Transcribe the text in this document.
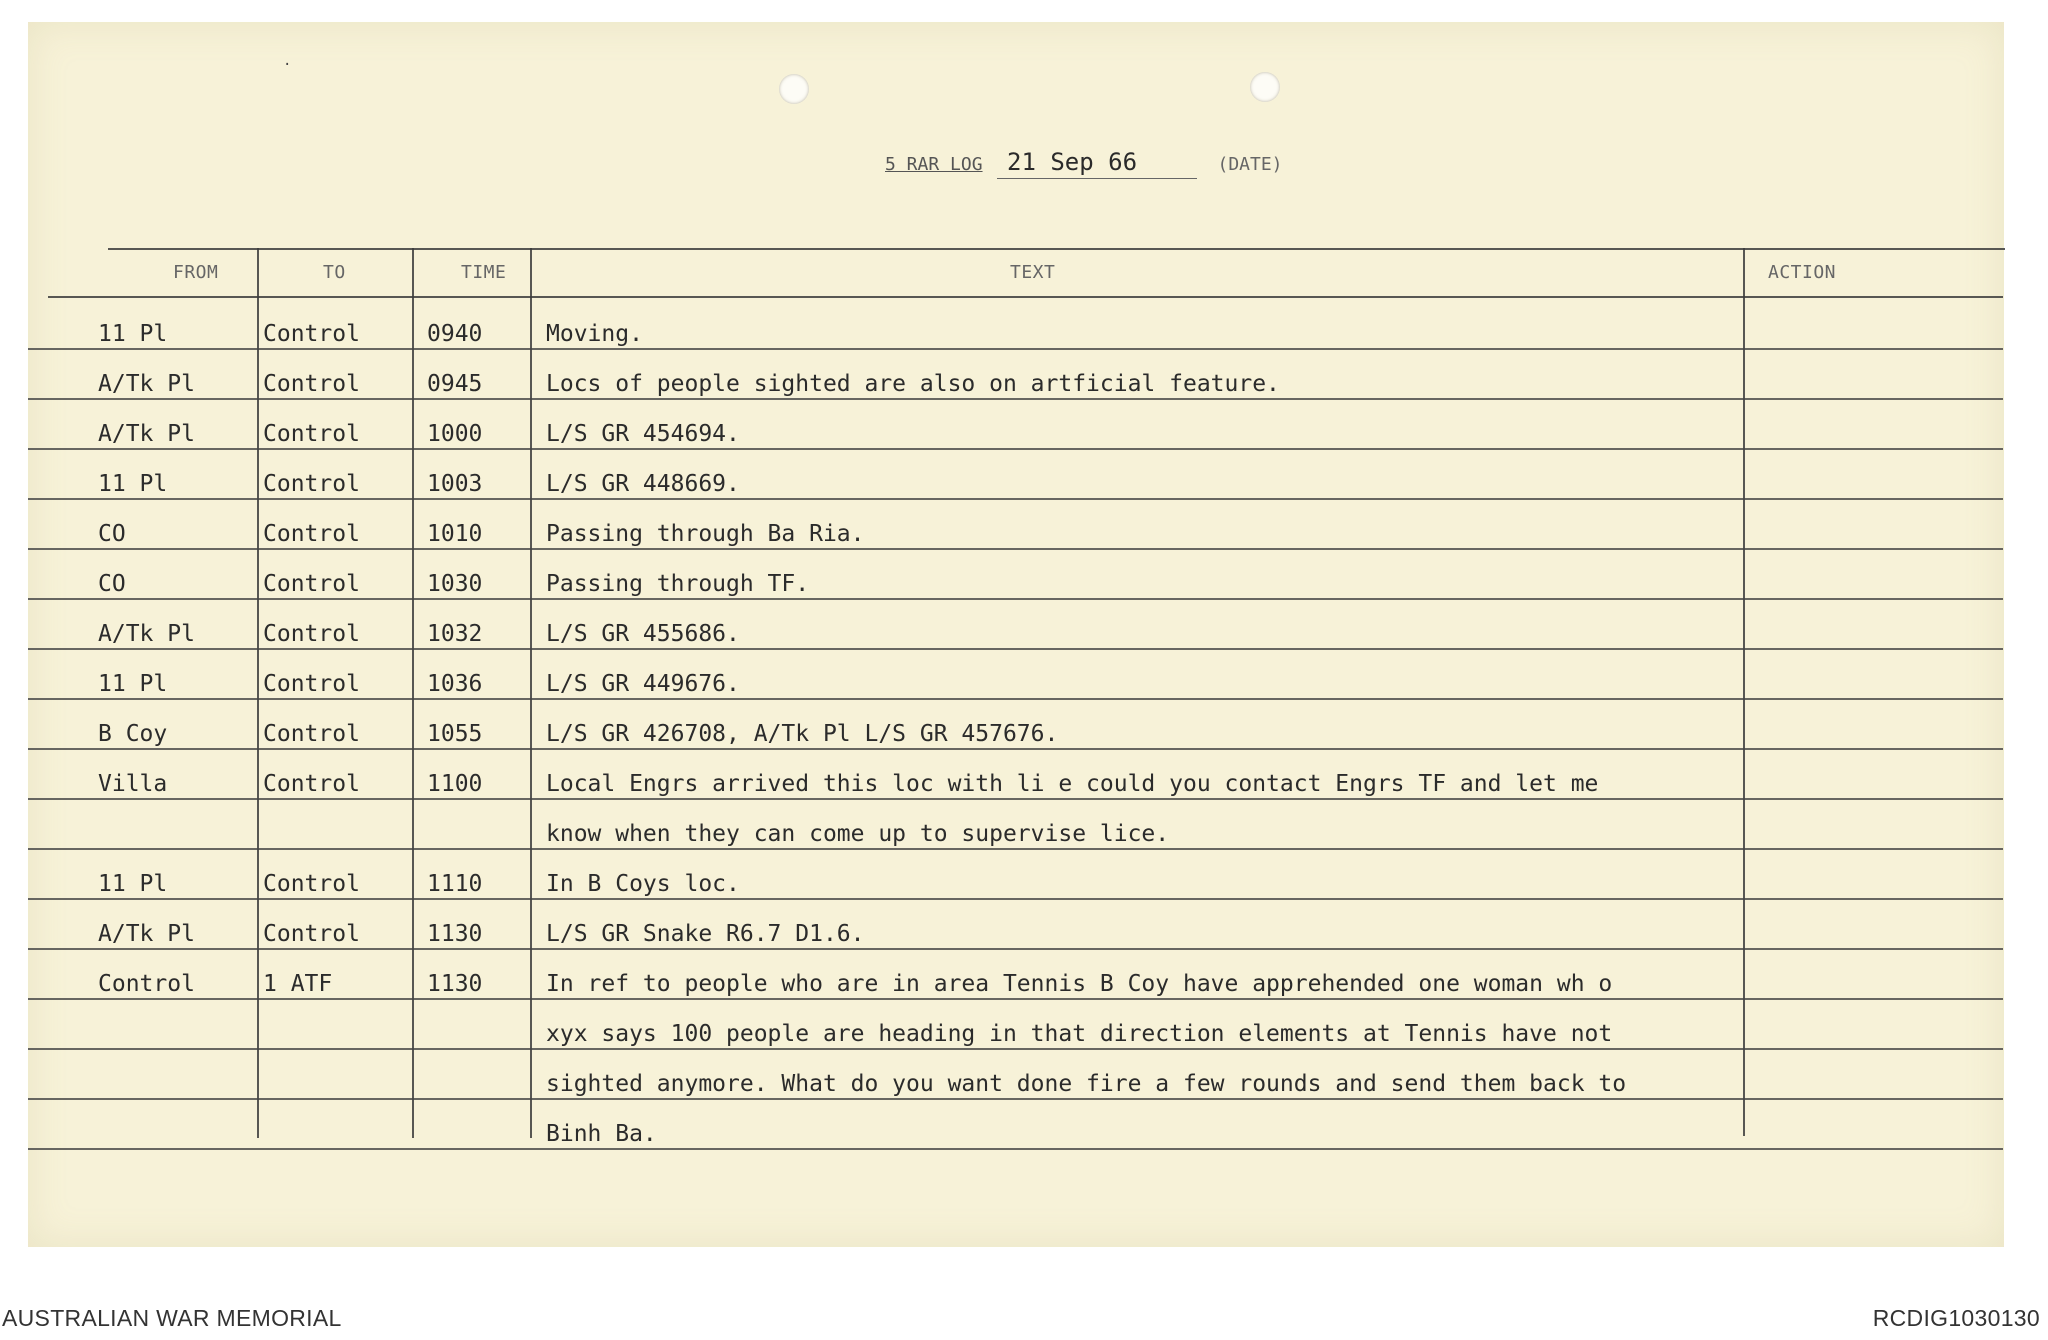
·
5 RAR LOG 21 Sep 66	(DATE)
FROM	TO	TIME	TEXT	ACTION
11 Pl	Control	0940	Moving.
A/Tk Pl	Control	0945	Locs of people sighted are also on artficial feature.
A/Tk Pl	Control	1000	L/S GR 454694.
11 Pl	Control	1003	L/S GR 448669.
CO	Control	1010	Passing through Ba Ria.
CO	Control	1030	Passing through TF.
A/Tk Pl	Control	1032	L/S GR 455686.
11 Pl	Control	1036	L/S GR 449676.
B Coy	Control	1055	L/S GR 426708, A/Tk Pl L/S GR 457676.
Villa	Control	1100	Local Engrs arrived this loc with li e could you contact Engrs TF and let me
know when they can come up to supervise lice.
11 Pl	Control	1110	In B Coys loc.
A/Tk Pl	Control	1130	L/S GR Snake R6.7 D1.6.
Control	1 ATF	1130	In ref to people who are in area Tennis B Coy have apprehended one woman wh o
xyx says 100 people are heading in that direction elements at Tennis have not
sighted anymore. What do you want done fire a few rounds and send them back to
Binh Ba.
AUSTRALIAN WAR MEMORIAL	RCDIG1030130
